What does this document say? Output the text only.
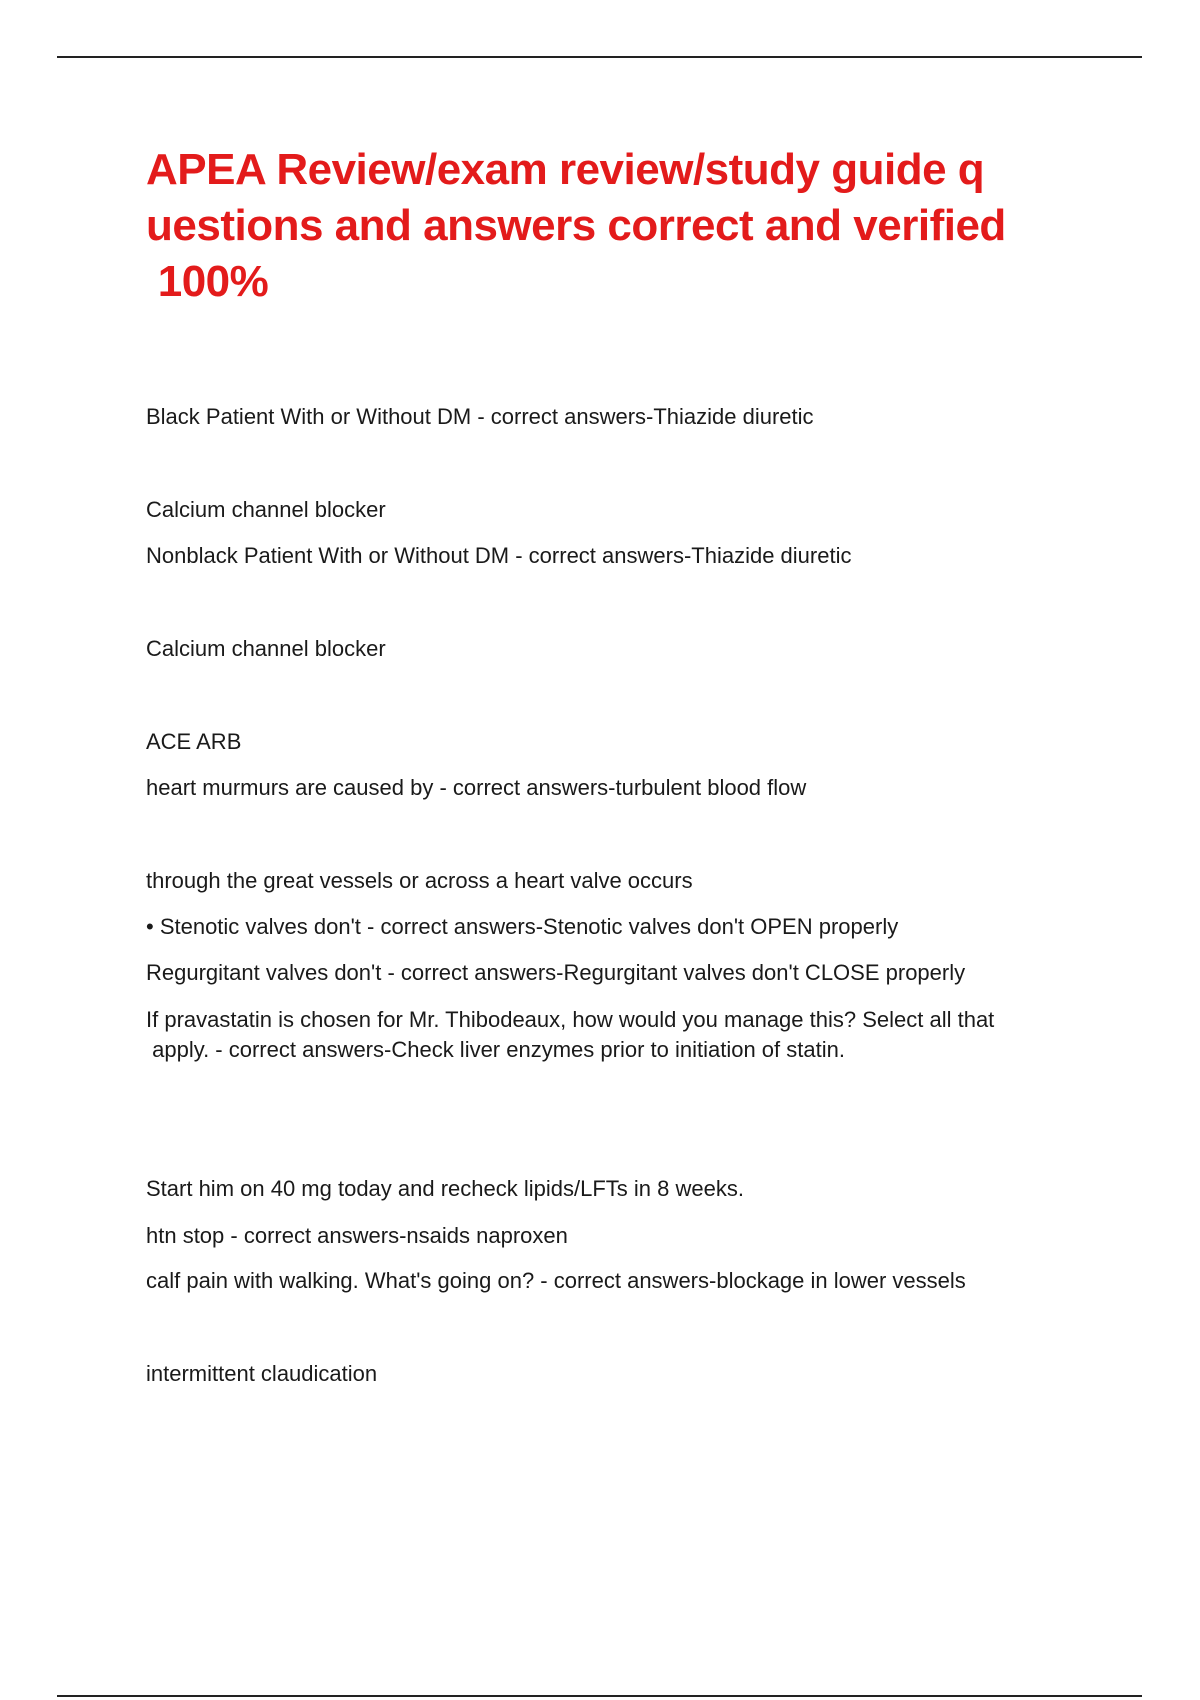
APEA Review/exam review/study guide q
uestions and answers correct and verified
100%
Black Patient With or Without DM - correct answers-Thiazide diuretic
Calcium channel blocker
Nonblack Patient With or Without DM - correct answers-Thiazide diuretic
Calcium channel blocker
ACE ARB
heart murmurs are caused by - correct answers-turbulent blood flow
through the great vessels or across a heart valve occurs
• Stenotic valves don't - correct answers-Stenotic valves don't OPEN properly
Regurgitant valves don't - correct answers-Regurgitant valves don't CLOSE properly
If pravastatin is chosen for Mr. Thibodeaux, how would you manage this? Select all that
apply. - correct answers-Check liver enzymes prior to initiation of statin.
Start him on 40 mg today and recheck lipids/LFTs in 8 weeks.
htn stop - correct answers-nsaids naproxen
calf pain with walking. What's going on? - correct answers-blockage in lower vessels
intermittent claudication
